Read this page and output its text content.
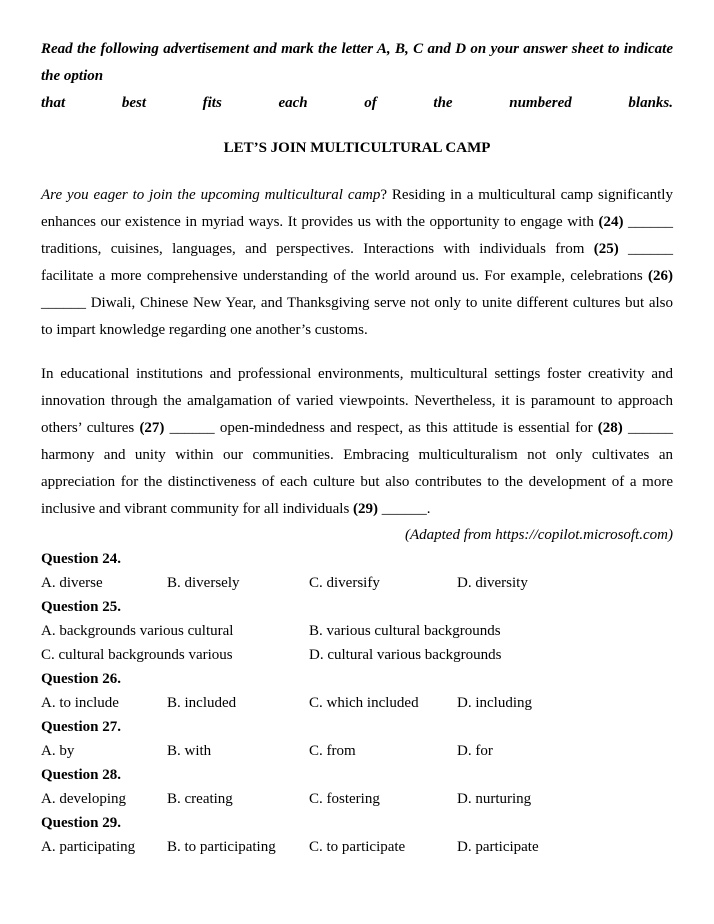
Read the following advertisement and mark the letter A, B, C and D on your answer sheet to indicate the option
that best fits each of the numbered blanks.
LET’S JOIN MULTICULTURAL CAMP
Are you eager to join the upcoming multicultural camp? Residing in a multicultural camp significantly enhances our existence in myriad ways. It provides us with the opportunity to engage with (24) ______ traditions, cuisines, languages, and perspectives. Interactions with individuals from (25) ______ facilitate a more comprehensive understanding of the world around us. For example, celebrations (26) ______ Diwali, Chinese New Year, and Thanksgiving serve not only to unite different cultures but also to impart knowledge regarding one another’s customs.
In educational institutions and professional environments, multicultural settings foster creativity and innovation through the amalgamation of varied viewpoints. Nevertheless, it is paramount to approach others’ cultures (27) ______ open-mindedness and respect, as this attitude is essential for (28) ______ harmony and unity within our communities. Embracing multiculturalism not only cultivates an appreciation for the distinctiveness of each culture but also contributes to the development of a more inclusive and vibrant community for all individuals (29) ______.
(Adapted from https://copilot.microsoft.com)
Question 24.
A. diverse	B. diversely	C. diversify	D. diversity
Question 25.
A. backgrounds various cultural	B. various cultural backgrounds
C. cultural backgrounds various	D. cultural various backgrounds
Question 26.
A. to include	B. included	C. which included	D. including
Question 27.
A. by	B. with	C. from	D. for
Question 28.
A. developing	B. creating	C. fostering	D. nurturing
Question 29.
A. participating	B. to participating	C. to participate	D. participate
